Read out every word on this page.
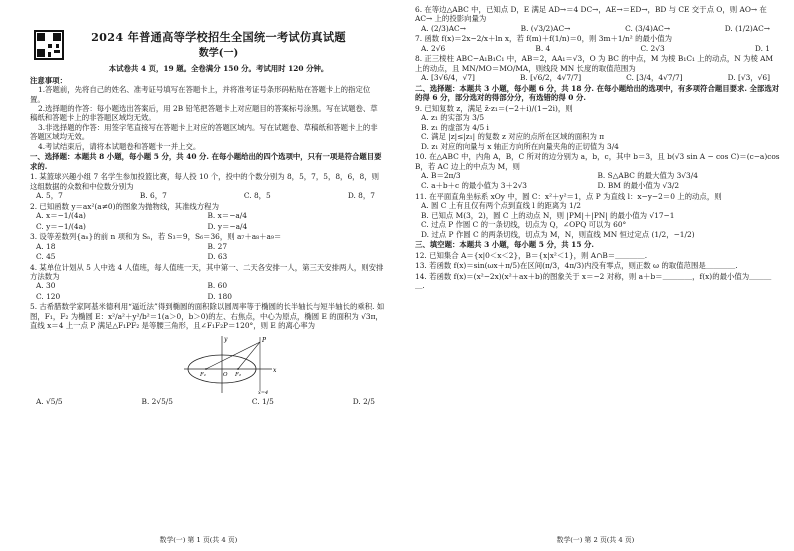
2024 年普通高等学校招生全国统一考试仿真试题
数学(一)
本试卷共 4 页，19 题。全卷满分 150 分。考试用时 120 分钟。
注意事项：
1.答题前，先将自己的姓名、准考证号填写在答题卡上，并将准考证号条形码粘贴在答题卡上的指定位置。
2.选择题的作答：每小题选出答案后，用 2B 铅笔把答题卡上对应题目的答案标号涂黑。写在试题卷、草稿纸和答题卡上的非答题区域均无效。
3.非选择题的作答：用签字笔直接写在答题卡上对应的答题区域内。写在试题卷、草稿纸和答题卡上的非答题区域均无效。
4.考试结束后，请将本试题卷和答题卡一并上交。
一、选择题：本题共 8 小题，每小题 5 分，共 40 分. 在每小题给出的四个选项中，只有一项是符合题目要求的.
1. 某篮球兴趣小组 7 名学生参加投篮比赛，每人投 10 个，投中的个数分别为 8，5，7，5，8，6，8，则这组数据的众数和中位数分别为
A. 5，7	B. 6，7	C. 8，5	D. 8，7
2. 已知函数 y＝ax²(a≠0)的图象为抛物线，其准线方程为
A. x＝−1/(4a)	B. x＝−a/4
C. y＝−1/(4a)	D. y＝−a/4
3. 设等差数列{aₙ}的前 n 项和为 Sₙ，若 S₃＝9，S₆＝36，则 a₇＋a₈＋a₉＝
A. 18	B. 27
C. 45	D. 63
4. 某单位计划从 5 人中选 4 人值班，每人值班一天，其中第一、二天各安排一人，第三天安排两人，则安排方法数为
A. 30	B. 60
C. 120	D. 180
5. 古希腊数学家阿基米德利用“逼近法”得到椭圆的面积除以圆周率等于椭圆的长半轴长与短半轴长的乘积. 如图，F₁，F₂ 为椭圆 E：x²/a²＋y²/b²＝1(a＞0，b＞0)的左、右焦点，中心为原点，椭圆 E 的面积为 √3π，直线 x＝4 上一点 P 满足△F₁PF₂ 是等腰三角形，且∠F₁F₂P＝120°，则 E 的离心率为
y	P
F₁	O F₂
x
x=4
A. √5/5	B. 2√5/5	C. 1/5	D. 2/5
数学(一) 第 1 页(共 4 页)
6. 在等边△ABC 中，已知点 D，E 满足 AD→＝4 DC→，AE→＝ED→，BD 与 CE 交于点 O，则 AO→ 在 AC→ 上的投影向量为
A. (2/3)AC→	B. (√3/2)AC→	C. (3/4)AC→	D. (1/2)AC→
7. 函数 f(x)＝2x−2/x＋ln x，若 f(m)＋f(1/n)＝0，则 3m＋1/n² 的最小值为
A. 2√6	B. 4	C. 2√3	D. 1
8. 正三棱柱 ABC−A₁B₁C₁ 中，AB＝2，AA₁＝√3，O 为 BC 的中点，M 为棱 B₁C₁ 上的动点，N 为棱 AM 上的动点，且 MN/MO＝MO/MA，则线段 MN 长度的取值范围为
A. [3√6/4，√7]	B. [√6/2，4√7/7]	C. [3/4，4√7/7]	D. [√3，√6]
二、选择题：本题共 3 小题，每小题 6 分，共 18 分. 在每小题给出的选项中，有多项符合题目要求. 全部选对的得 6 分，部分选对的得部分分，有选错的得 0 分.
9. 已知复数 z，满足 z̄·z₁＝(−2＋i)/(1−2i)，则
A. z₁ 的实部为 3/5
B. z₁ 的虚部为 4/5 i
C. 满足 |z|≤|z₁| 的复数 z 对应的点所在区域的面积为 π
D. z₁ 对应的向量与 x 轴正方向所在向量夹角的正切值为 3/4
10. 在△ABC 中，内角 A，B，C 所对的边分别为 a，b，c，其中 b＝3，且 b(√3 sin A − cos C)＝(c−a)cos B，若 AC 边上的中点为 M，则
A. B＝2π/3	B. S△ABC 的最大值为 3√3/4
C. a＋b＋c 的最小值为 3＋2√3	D. BM 的最小值为 √3/2
11. 在平面直角坐标系 xOy 中，圆 C：x²＋y²＝1，点 P 为直线 l：x−y−2＝0 上的动点，则
A. 圆 C 上有且仅有两个点到直线 l 的距离为 1/2
B. 已知点 M(3，2)，圆 C 上的动点 N，则 |PM|＋|PN| 的最小值为 √17−1
C. 过点 P 作圆 C 的一条切线，切点为 Q，∠OPQ 可以为 60°
D. 过点 P 作圆 C 的两条切线，切点为 M，N，则直线 MN 恒过定点 (1/2，−1/2)
三、填空题：本题共 3 小题，每小题 5 分，共 15 分.
12. 已知集合 A＝{x|0＜x＜2}，B＝{x|x²＜1}，则 A∩B＝＿＿＿＿.
13. 若函数 f(x)＝sin(ωx＋π/5)在区间(π/3，4π/3)内没有零点，则正数 ω 的取值范围是＿＿＿＿.
14. 若函数 f(x)＝(x²−2x)(x²＋ax＋b)的图象关于 x＝−2 对称，则 a＋b＝＿＿＿＿，f(x)的最小值为＿＿＿＿.
数学(一) 第 2 页(共 4 页)
